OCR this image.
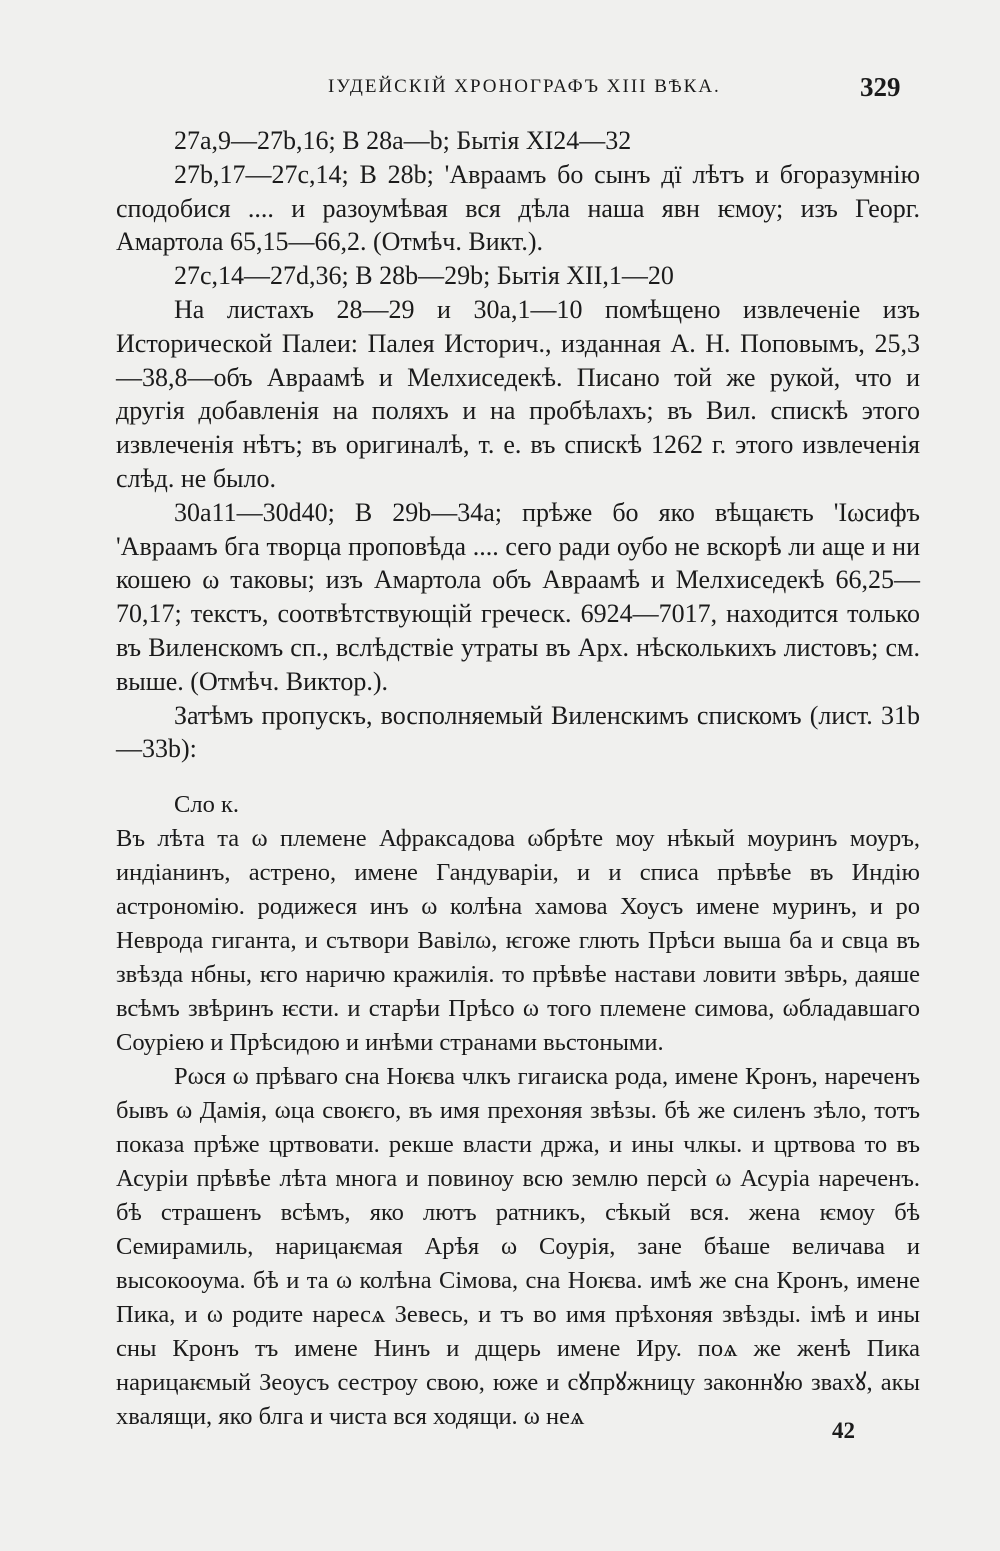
ІУДЕЙСКІЙ ХРОНОГРАФЪ XIII ВѢКА.	329

27а,9—27b,16; В 28а—b; Бытія XI24—32

27b,17—27c,14; В 28b; 'Авраамъ бо сынъ дї лѣтъ и бгоразумнію сподобися .... и разоумѣвая вся дѣла наша явн ѥмоу; изъ Георг. Амартола 65,15—66,2. (Отмѣч. Викт.).

27c,14—27d,36; В 28b—29b; Бытія XII,1—20

На листахъ 28—29 и 30а,1—10 помѣщено извлеченіе изъ Исторической Палеи: Палея Историч., изданная А. Н. Поповымъ, 25,3—38,8—объ Авраамѣ и Мелхиседекѣ. Писано той же рукой, что и другія добавленія на поляхъ и на пробѣлахъ; въ Вил. спискѣ этого извлеченія нѣтъ; въ оригиналѣ, т. е. въ спискѣ 1262 г. этого извлеченія слѣд. не было.

30а11—30d40; В 29b—34а; прѣже бо яко вѣщаѥть 'Іωсифъ 'Авраамъ бга творца проповѣда .... сего ради оубо не вскорѣ ли аще и ни кошею ω таковы; изъ Амартола объ Авраамѣ и Мелхиседекѣ 66,25—70,17; текстъ, соотвѣтствующій греческ. 6924—7017, находится только въ Виленскомъ сп., вслѣдствіе утраты въ Арх. нѣсколькихъ листовъ; см. выше. (Отмѣч. Виктор.).

Затѣмъ пропускъ, восполняемый Виленскимъ спискомъ (лист. 31b—33b):

Сло к.

Въ лѣта та ω племене Афраксадова ωбрѣте моу нѣкый моуринъ моуръ, индіанинъ, астрено, имене Гандуваріи, и и списа прѣвѣе въ Индію астрономію. родижеся инъ ω колѣна хамова Хоусъ имене муринъ, и ро Неврода гиганта, и сътвори Вавілω, ѥгоже глють Прѣси выша ба и свца въ звѣзда нбны, ѥго наричю кражилія. то прѣвѣе настави ловити звѣрь, даяше всѣмъ звѣринъ ѥсти. и старѣи Прѣсо ω того племене симова, ωбладавшаго Соуріею и Прѣсидою и инѣми странами вьстоными.

Рωся ω прѣваго сна Ноѥва члкъ гигаиска рода, имене Кронъ, нареченъ бывъ ω Дамія, ωца своѥго, въ имя прехоняя звѣзы. бѣ же силенъ зѣло, тотъ показа прѣже цртвовати. рекше власти држа, и ины члкы. и цртвова то въ Асуріи прѣвѣе лѣта многа и повиноу всю землю персѝ ω Асуріа нареченъ. бѣ страшенъ всѣмъ, яко лютъ ратникъ, сѣкый вся. жена ѥмоу бѣ Семирамиль, нарицаѥмая Арѣя ω Соурія, зане бѣаше величава и высокооума. бѣ и та ω колѣна Сімова, сна Ноѥва. имѣ же сна Кронъ, имене Пика, и ω родите наресѧ Зевесь, и тъ во имя прѣхоняя звѣзды. імѣ и ины сны Кронъ тъ имене Нинъ и дщерь имене Иру. поѧ же женѣ Пика нарицаѥмый Зеоусъ сестроу свою, юже и сꙋпрꙋжницу законнꙋю звахꙋ, акы хвалящи, яко блга и чиста вся ходящи. ω неѧ

42
